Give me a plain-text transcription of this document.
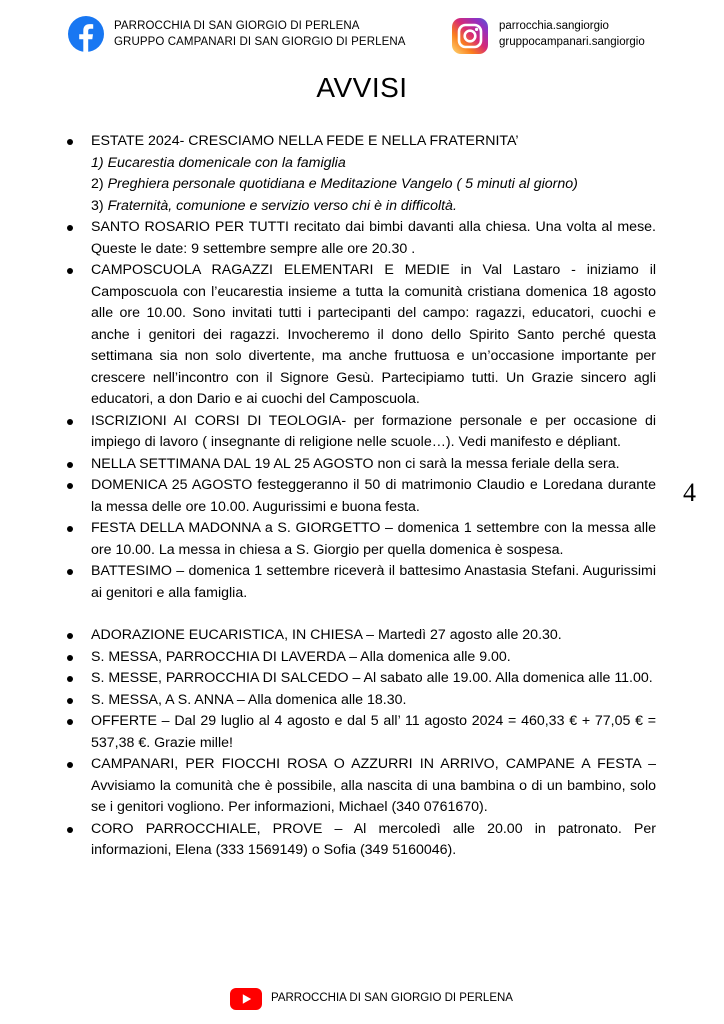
PARROCCHIA DI SAN GIORGIO DI PERLENA
GRUPPO CAMPANARI DI SAN GIORGIO DI PERLENA
parrocchia.sangiorgio
gruppocampanari.sangiorgio
AVVISI
ESTATE 2024- CRESCIAMO NELLA FEDE E NELLA FRATERNITA’
1) Eucarestia domenicale con la famiglia
2) Preghiera personale quotidiana e Meditazione Vangelo ( 5 minuti al giorno)
3) Fraternità, comunione e servizio verso chi è in difficoltà.
SANTO ROSARIO PER TUTTI recitato dai bimbi davanti alla chiesa. Una volta al mese. Queste le date: 9 settembre sempre alle ore 20.30 .
CAMPOSCUOLA RAGAZZI ELEMENTARI E MEDIE in Val Lastaro - iniziamo il Camposcuola con l’eucarestia insieme a tutta la comunità cristiana domenica 18 agosto alle ore 10.00. Sono invitati tutti i partecipanti del campo: ragazzi, educatori, cuochi e anche i genitori dei ragazzi. Invocheremo il dono dello Spirito Santo perché questa settimana sia non solo divertente, ma anche fruttuosa e un’occasione importante per crescere nell’incontro con il Signore Gesù. Partecipiamo tutti. Un Grazie sincero agli educatori, a don Dario e ai cuochi del Camposcuola.
ISCRIZIONI AI CORSI DI TEOLOGIA- per formazione personale e per occasione di impiego di lavoro ( insegnante di religione nelle scuole…). Vedi manifesto e dépliant.
NELLA SETTIMANA DAL 19 AL 25 AGOSTO non ci sarà la messa feriale della sera.
DOMENICA 25 AGOSTO festeggeranno il 50 di matrimonio Claudio e Loredana durante la messa delle ore 10.00. Augurissimi e buona festa.
FESTA DELLA MADONNA a S. GIORGETTO – domenica 1 settembre con la messa alle ore 10.00. La messa in chiesa a S. Giorgio per quella domenica è sospesa.
BATTESIMO – domenica 1 settembre riceverà il battesimo Anastasia Stefani. Augurissimi ai genitori e alla famiglia.
ADORAZIONE EUCARISTICA, IN CHIESA – Martedì 27 agosto alle 20.30.
S. MESSA, PARROCCHIA DI LAVERDA – Alla domenica alle 9.00.
S. MESSE, PARROCCHIA DI SALCEDO – Al sabato alle 19.00. Alla domenica alle 11.00.
S. MESSA, A S. ANNA – Alla domenica alle 18.30.
OFFERTE – Dal 29 luglio al 4 agosto e dal 5 all’ 11 agosto 2024 = 460,33 € + 77,05 € = 537,38 €. Grazie mille!
CAMPANARI, PER FIOCCHI ROSA O AZZURRI IN ARRIVO, CAMPANE A FESTA – Avvisiamo la comunità che è possibile, alla nascita di una bambina o di un bambino, solo se i genitori vogliono. Per informazioni, Michael (340 0761670).
CORO PARROCCHIALE, PROVE – Al mercoledì alle 20.00 in patronato. Per informazioni, Elena (333 1569149) o Sofia (349 5160046).
4
PARROCCHIA DI SAN GIORGIO DI PERLENA
